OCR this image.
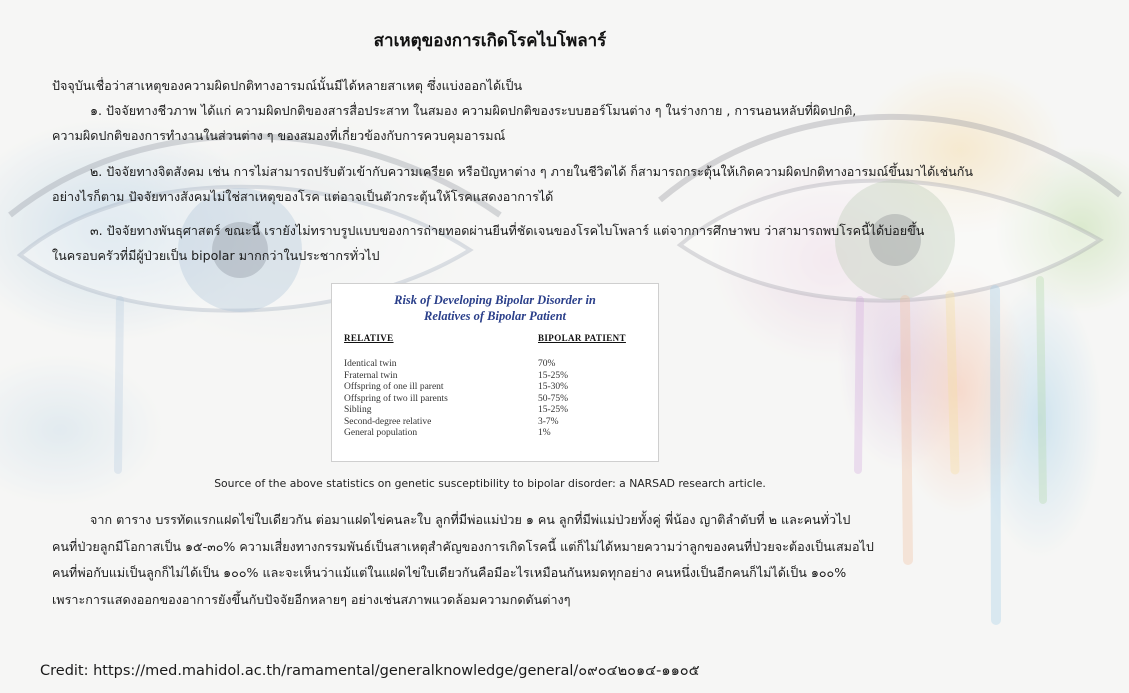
สาเหตุของการเกิดโรคไบโพลาร์
ปัจจุบันเชื่อว่าสาเหตุของความผิดปกติทางอารมณ์นั้นมีได้หลายสาเหตุ ซึ่งแบ่งออกได้เป็น
๑. ปัจจัยทางชีวภาพ ได้แก่ ความผิดปกติของสารสื่อประสาท ในสมอง ความผิดปกติของระบบฮอร์โมนต่าง ๆ ในร่างกาย , การนอนหลับที่ผิดปกติ,
ความผิดปกติของการทำงานในส่วนต่าง ๆ ของสมองที่เกี่ยวข้องกับการควบคุมอารมณ์
๒. ปัจจัยทางจิตสังคม เช่น การไม่สามารถปรับตัวเข้ากับความเครียด หรือปัญหาต่าง ๆ ภายในชีวิตได้ ก็สามารถกระตุ้นให้เกิดความผิดปกติทางอารมณ์ขึ้นมาได้เช่นกัน
อย่างไรก็ตาม ปัจจัยทางสังคมไม่ใช่สาเหตุของโรค แต่อาจเป็นตัวกระตุ้นให้โรคแสดงอาการได้
๓. ปัจจัยทางพันธุศาสตร์ ขณะนี้ เรายังไม่ทราบรูปแบบของการถ่ายทอดผ่านยีนที่ชัดเจนของโรคไบโพลาร์ แต่จากการศึกษาพบ ว่าสามารถพบโรคนี้ได้บ่อยขึ้น
ในครอบครัวที่มีผู้ป่วยเป็น bipolar มากกว่าในประชากรทั่วไป
Risk of Developing Bipolar Disorder in
Relatives of Bipolar Patient
RELATIVE	BIPOLAR PATIENT
Identical twin	70%
Fraternal twin	15-25%
Offspring of one ill parent	15-30%
Offspring of two ill parents	50-75%
Sibling	15-25%
Second-degree relative	3-7%
General population	1%
Source of the above statistics on genetic susceptibility to bipolar disorder: a NARSAD research article.
จาก ตาราง บรรทัดแรกแฝดไข่ใบเดียวกัน ต่อมาแฝดไข่คนละใบ ลูกที่มีพ่อแม่ป่วย ๑ คน ลูกที่มีพ่แม่ป่วยทั้งคู่ พี่น้อง ญาติลำดับที่ ๒ และคนทั่วไป
คนที่ป่วยลูกมีโอกาสเป็น ๑๕-๓๐% ความเสี่ยงทางกรรมพันธ์เป็นสาเหตุสำคัญของการเกิดโรคนี้ แต่ก็ไม่ได้หมายความว่าลูกของคนที่ป่วยจะต้องเป็นเสมอไป
คนที่พ่อกับแม่เป็นลูกก็ไม่ได้เป็น ๑๐๐% และจะเห็นว่าแม้แต่ในแฝดไข่ใบเดียวกันคือมีอะไรเหมือนกันหมดทุกอย่าง คนหนึ่งเป็นอีกคนก็ไม่ได้เป็น ๑๐๐%
เพราะการแสดงออกของอาการยังขึ้นกับปัจจัยอีกหลายๆ อย่างเช่นสภาพแวดล้อมความกดดันต่างๆ
Credit: https://med.mahidol.ac.th/ramamental/generalknowledge/general/๐๙๐๔๒๐๑๔-๑๑๐๕
